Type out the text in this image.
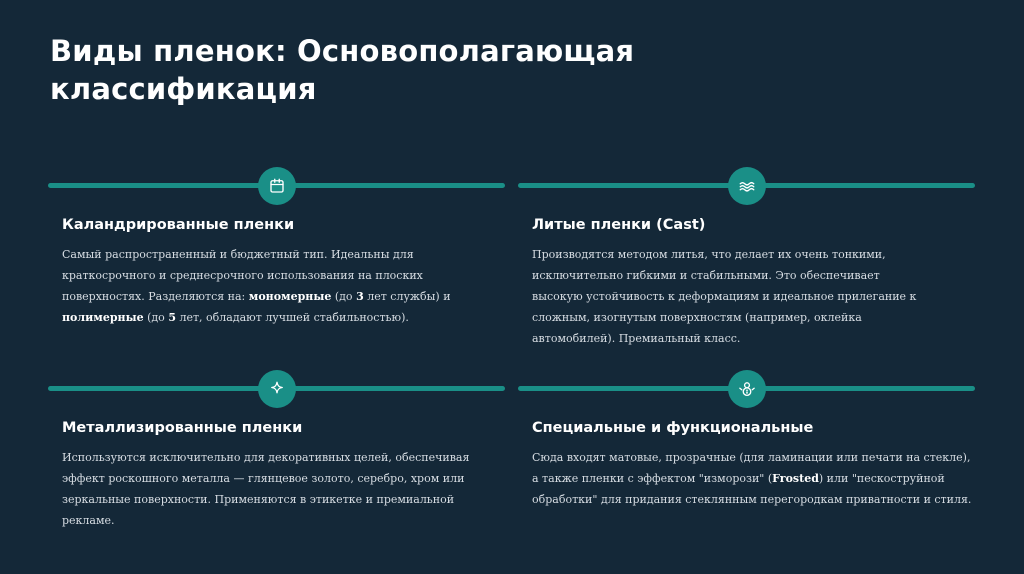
Виды пленок: Основополагающая
классификация
Каландрированные пленки
Самый распространенный и бюджетный тип. Идеальны для краткосрочного и среднесрочного использования на плоских поверхностях. Разделяются на: мономерные (до 3 лет службы) и полимерные (до 5 лет, обладают лучшей стабильностью).
Литые пленки (Cast)
Производятся методом литья, что делает их очень тонкими, исключительно гибкими и стабильными. Это обеспечивает высокую устойчивость к деформациям и идеальное прилегание к сложным, изогнутым поверхностям (например, оклейка автомобилей). Премиальный класс.
Металлизированные пленки
Используются исключительно для декоративных целей, обеспечивая эффект роскошного металла — глянцевое золото, серебро, хром или зеркальные поверхности. Применяются в этикетке и премиальной рекламе.
Специальные и функциональные
Сюда входят матовые, прозрачные (для ламинации или печати на стекле), а также пленки с эффектом "изморози" (Frosted) или "пескоструйной обработки" для придания стеклянным перегородкам приватности и стиля.
